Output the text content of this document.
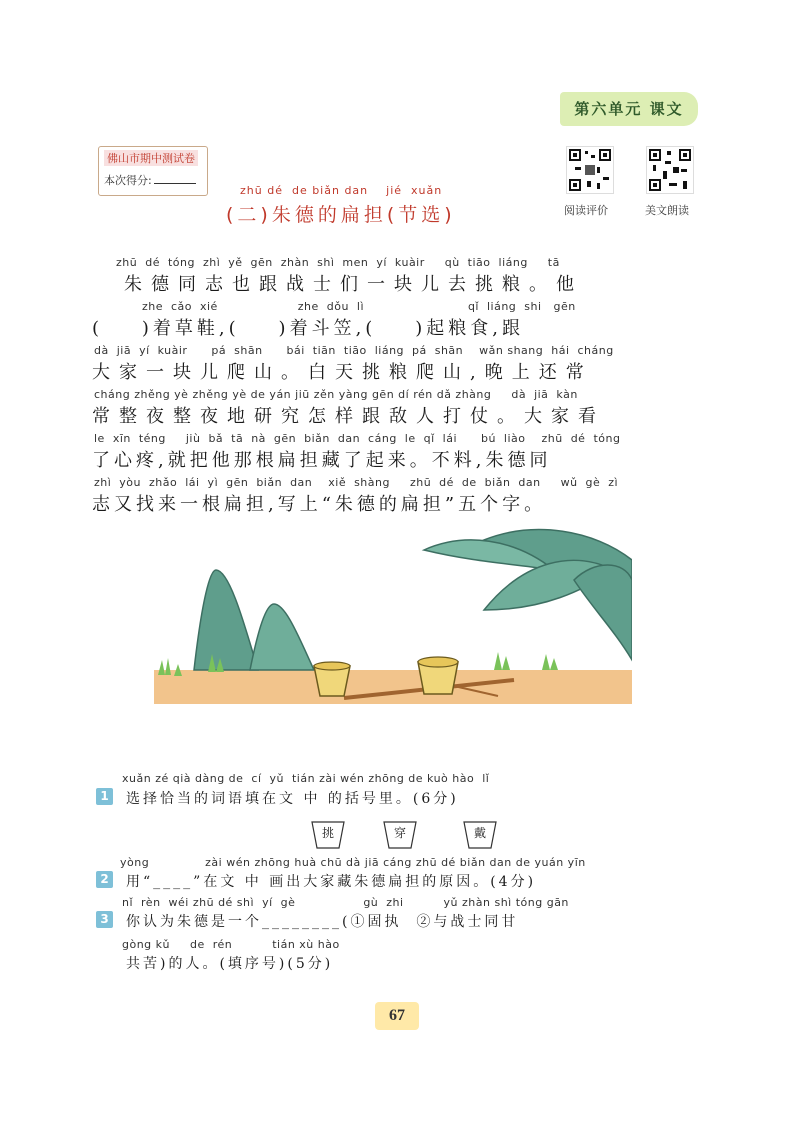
第六单元 课文
佛山市期中测试卷
本次得分:
阅读评价	美文朗读
zhū dé  de biǎn dan    jié  xuǎn
(二)朱德的扁担(节选)
zhū  dé  tóng  zhì  yě  gēn  zhàn  shì  men  yí  kuàir     qù  tiāo  liáng     tā
朱德同志也跟战士们一块儿去挑粮。他
zhe  cǎo  xié                    zhe  dǒu  lì                          qǐ  liáng  shi   gēn
(    )着草鞋,(    )着斗笠,(    )起粮食,跟
dà  jiā  yí  kuàir      pá  shān      bái  tiān  tiāo  liáng  pá  shān    wǎn shang  hái  cháng
大家一块儿爬山。白天挑粮爬山,晚上还常
cháng zhěng yè zhěng yè de yán jiū zěn yàng gēn dí rén dǎ zhàng     dà  jiā  kàn
常整夜整夜地研究怎样跟敌人打仗。大家看
le  xīn  téng     jiù  bǎ  tā  nà  gēn  biǎn  dan  cáng  le  qǐ  lái      bú  liào    zhū  dé  tóng
了心疼,就把他那根扁担藏了起来。不料,朱德同
zhì  yòu  zhǎo  lái  yì  gēn  biǎn  dan    xiě  shàng     zhū  dé  de  biǎn  dan     wǔ  gè  zì
志又找来一根扁担,写上“朱德的扁担”五个字。
xuǎn zé qià dàng de  cí  yǔ  tián zài wén zhōng de kuò hào  lǐ
1	选择恰当的词语填在文 中 的括号里。(6分)
挑	穿	戴
yòng              zài wén zhōng huà chū dà jiā cáng zhū dé biǎn dan de yuán yīn
2	用“____”在文 中 画出大家藏朱德扁担的原因。(4分)
nǐ  rèn  wéi zhū dé shì  yí  gè                 gù  zhi          yǔ zhàn shì tóng gān
3	你认为朱德是一个________(①固执  ②与战士同甘
gòng kǔ     de  rén          tián xù hào
共苦)的人。(填序号)(5分)
67
